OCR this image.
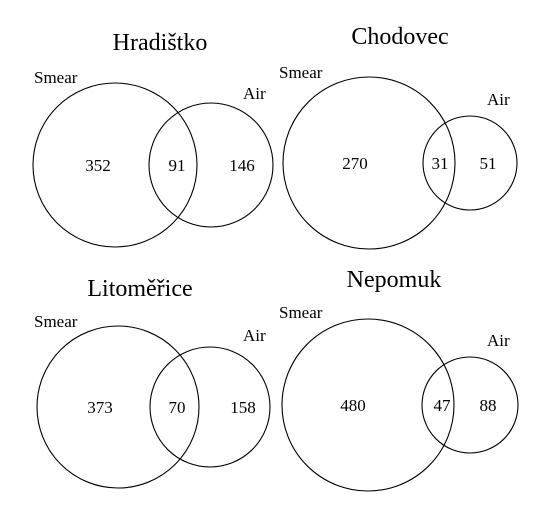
Hradištko
Smear
Air
352	91	146
Chodovec
Smear
Air
270	31 51
Litoměřice
Smear
Air
373	70	158
Nepomuk
Smear
Air
480	47 88
